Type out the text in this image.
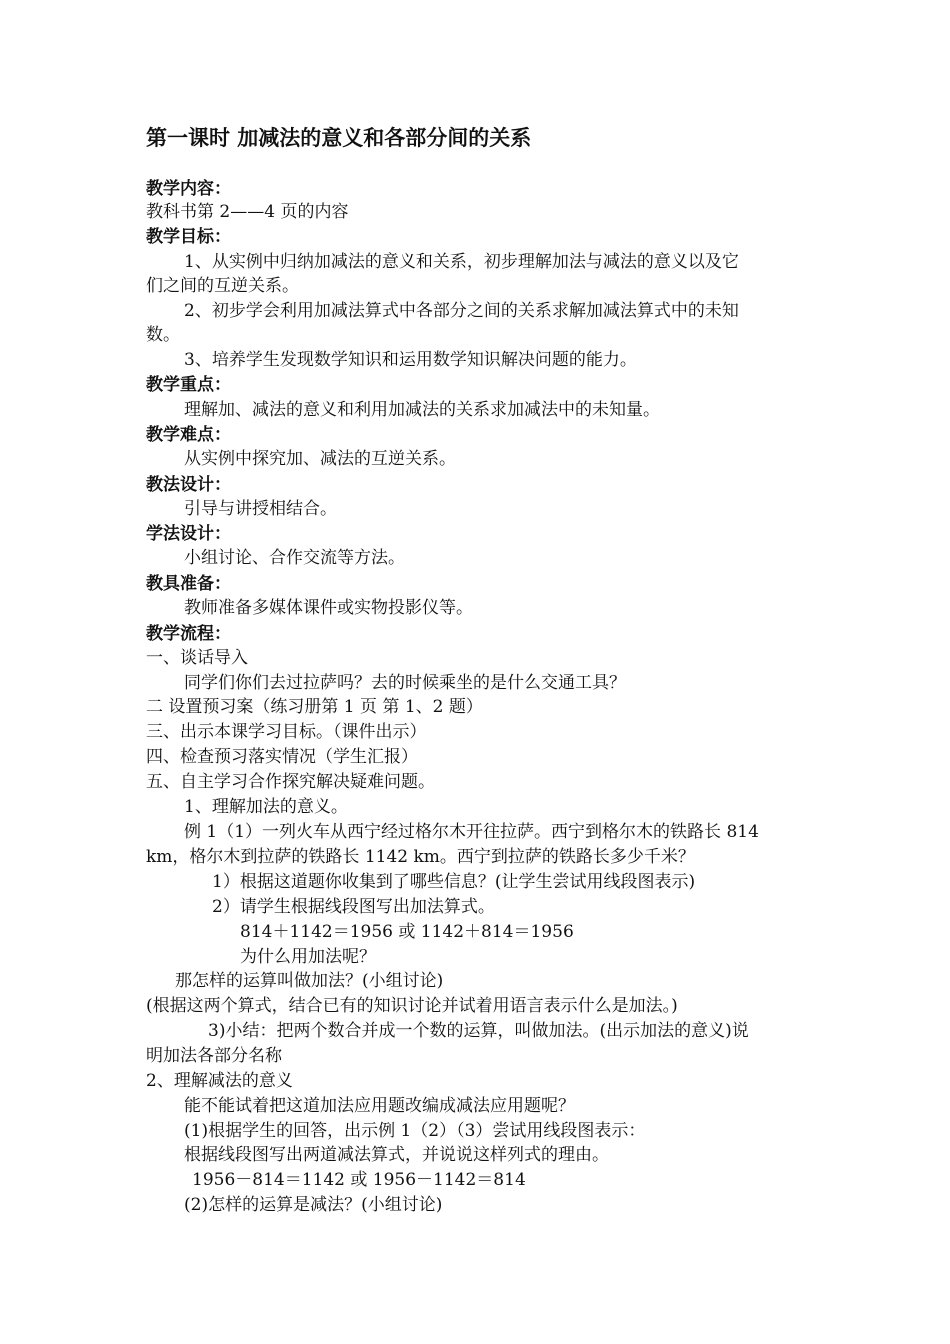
第一课时 加减法的意义和各部分间的关系
教学内容：
教科书第 2——4 页的内容
教学目标：
1、从实例中归纳加减法的意义和关系，初步理解加法与减法的意义以及它
们之间的互逆关系。
2、初步学会利用加减法算式中各部分之间的关系求解加减法算式中的未知
数。
3、培养学生发现数学知识和运用数学知识解决问题的能力。
教学重点：
理解加、减法的意义和利用加减法的关系求加减法中的未知量。
教学难点：
从实例中探究加、减法的互逆关系。
教法设计：
引导与讲授相结合。
学法设计：
小组讨论、合作交流等方法。
教具准备：
教师准备多媒体课件或实物投影仪等。
教学流程：
一、谈话导入
同学们你们去过拉萨吗？去的时候乘坐的是什么交通工具？
二 设置预习案（练习册第 1 页 第 1、2 题）
三、出示本课学习目标。（课件出示）
四、检查预习落实情况（学生汇报）
五、自主学习合作探究解决疑难问题。
1、理解加法的意义。
例 1（1）一列火车从西宁经过格尔木开往拉萨。西宁到格尔木的铁路长 814
km，格尔木到拉萨的铁路长 1142 km。西宁到拉萨的铁路长多少千米？
1）根据这道题你收集到了哪些信息？(让学生尝试用线段图表示)
2）请学生根据线段图写出加法算式。
814＋1142＝1956 或 1142＋814＝1956
为什么用加法呢？
那怎样的运算叫做加法？(小组讨论)
(根据这两个算式，结合已有的知识讨论并试着用语言表示什么是加法。)
3)小结：把两个数合并成一个数的运算，叫做加法。(出示加法的意义)说
明加法各部分名称
2、理解减法的意义
能不能试着把这道加法应用题改编成减法应用题呢？
(1)根据学生的回答，出示例 1（2）（3）尝试用线段图表示：
根据线段图写出两道减法算式，并说说这样列式的理由。
1956－814＝1142 或 1956－1142＝814
(2)怎样的运算是减法？(小组讨论)
